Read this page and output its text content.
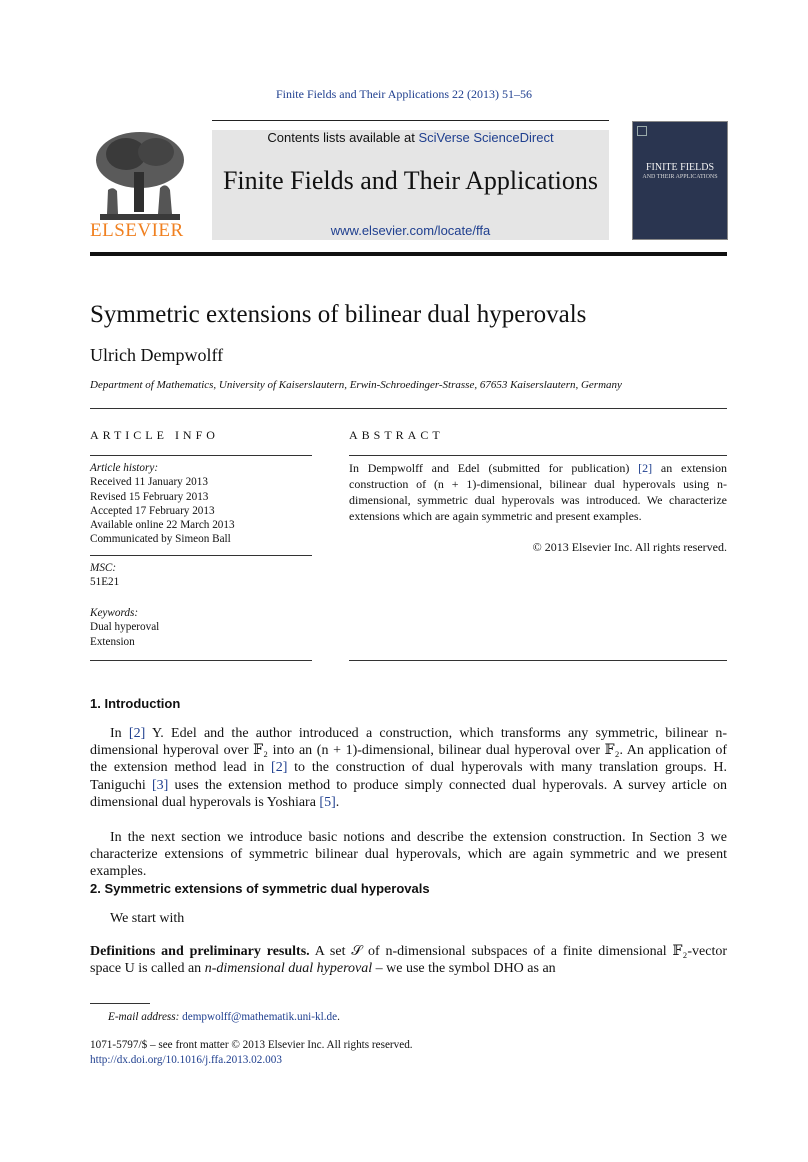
Finite Fields and Their Applications 22 (2013) 51–56
ELSEVIER
Contents lists available at SciVerse ScienceDirect
Finite Fields and Their Applications
www.elsevier.com/locate/ffa
FINITE FIELDS
AND THEIR APPLICATIONS
Symmetric extensions of bilinear dual hyperovals
Ulrich Dempwolff
Department of Mathematics, University of Kaiserslautern, Erwin-Schroedinger-Strasse, 67653 Kaiserslautern, Germany
ARTICLE INFO
Article history:
Received 11 January 2013
Revised 15 February 2013
Accepted 17 February 2013
Available online 22 March 2013
Communicated by Simeon Ball
MSC:
51E21
Keywords:
Dual hyperoval
Extension
ABSTRACT
In Dempwolff and Edel (submitted for publication) [2] an extension construction of (n + 1)-dimensional, bilinear dual hyperovals using n-dimensional, symmetric dual hyperovals was introduced. We characterize extensions which are again symmetric and present examples.
© 2013 Elsevier Inc. All rights reserved.
1. Introduction
In [2] Y. Edel and the author introduced a construction, which transforms any symmetric, bilinear n-dimensional hyperoval over 𝔽₂ into an (n + 1)-dimensional, bilinear dual hyperoval over 𝔽₂. An application of the extension method lead in [2] to the construction of dual hyperovals with many translation groups. H. Taniguchi [3] uses the extension method to produce simply connected dual hyperovals. A survey article on dimensional dual hyperovals is Yoshiara [5].
In the next section we introduce basic notions and describe the extension construction. In Section 3 we characterize extensions of symmetric bilinear dual hyperovals, which are again symmetric and we present examples.
2. Symmetric extensions of symmetric dual hyperovals
We start with
Definitions and preliminary results. A set 𝒮 of n-dimensional subspaces of a finite dimensional 𝔽₂-vector space U is called an n-dimensional dual hyperoval – we use the symbol DHO as an
E-mail address: dempwolff@mathematik.uni-kl.de.
1071-5797/$ – see front matter © 2013 Elsevier Inc. All rights reserved.
http://dx.doi.org/10.1016/j.ffa.2013.02.003
